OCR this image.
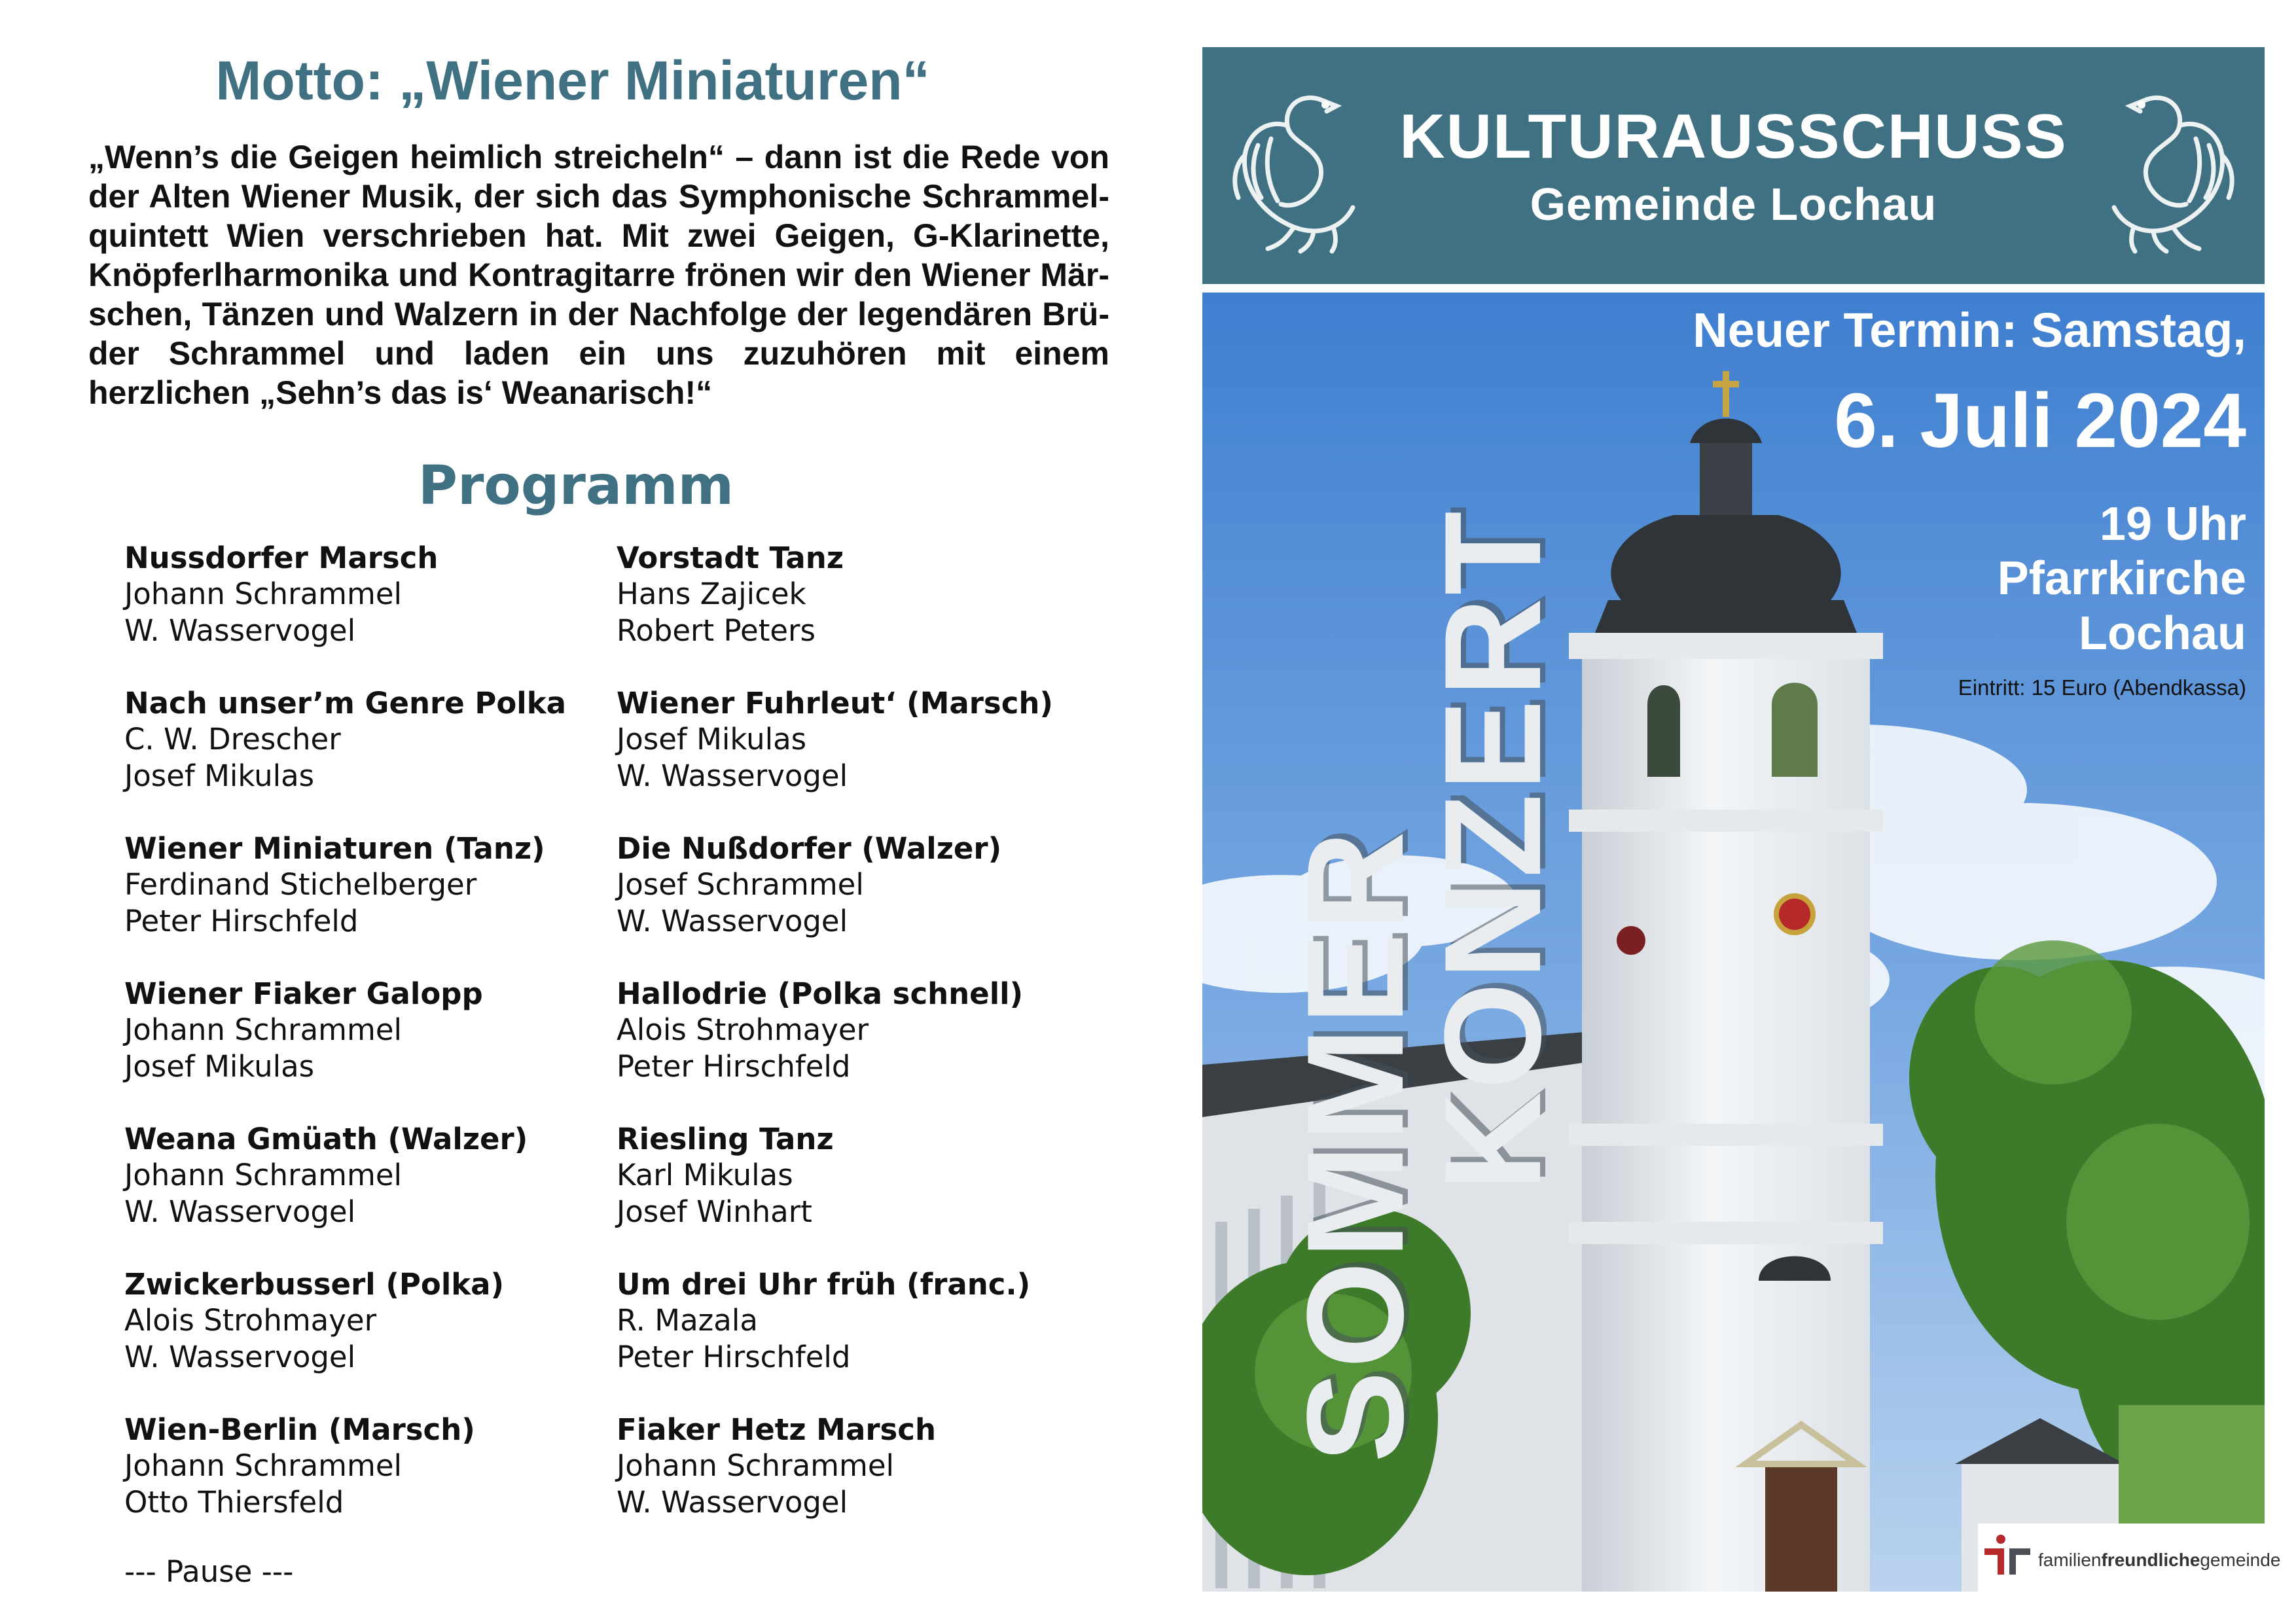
Motto: „Wiener Miniaturen“

„Wenn’s die Geigen heimlich streicheln“ – dann ist die Rede von der Alten Wiener Musik, der sich das Symphonische Schrammel-quintett Wien verschrieben hat. Mit zwei Geigen, G-Klarinette, Knöpferlharmonika und Kontragitarre frönen wir den Wiener Mär-schen, Tänzen und Walzern in der Nachfolge der legendären Brü-der Schrammel und laden ein uns zuzuhören mit einem herzlichen „Sehn’s das is‘ Weanarisch!“

Programm
Nussdorfer Marsch
Johann Schrammel
W. Wasservogel
Nach unser’m Genre Polka
C. W. Drescher
Josef Mikulas
Wiener Miniaturen (Tanz)
Ferdinand Stichelberger
Peter Hirschfeld
Wiener Fiaker Galopp
Johann Schrammel
Josef Mikulas
Weana Gmüath (Walzer)
Johann Schrammel
W. Wasservogel
Zwickerbusserl (Polka)
Alois Strohmayer
W. Wasservogel
Wien-Berlin (Marsch)
Johann Schrammel
Otto Thiersfeld
Vorstadt Tanz
Hans Zajicek
Robert Peters
Wiener Fuhrleut‘ (Marsch)
Josef Mikulas
W. Wasservogel
Die Nußdorfer (Walzer)
Josef Schrammel
W. Wasservogel
Hallodrie (Polka schnell)
Alois Strohmayer
Peter Hirschfeld
Riesling Tanz
Karl Mikulas
Josef Winhart
Um drei Uhr früh (franc.)
R. Mazala
Peter Hirschfeld
Fiaker Hetz Marsch
Johann Schrammel
W. Wasservogel
--- Pause ---
KULTURAUSSCHUSS
Gemeinde Lochau
SOMMER
KONZERT
Neuer Termin: Samstag,
6. Juli 2024
19 Uhr
Pfarrkirche
Lochau
Eintritt: 15 Euro (Abendkassa)
familienfreundlichegemeinde
